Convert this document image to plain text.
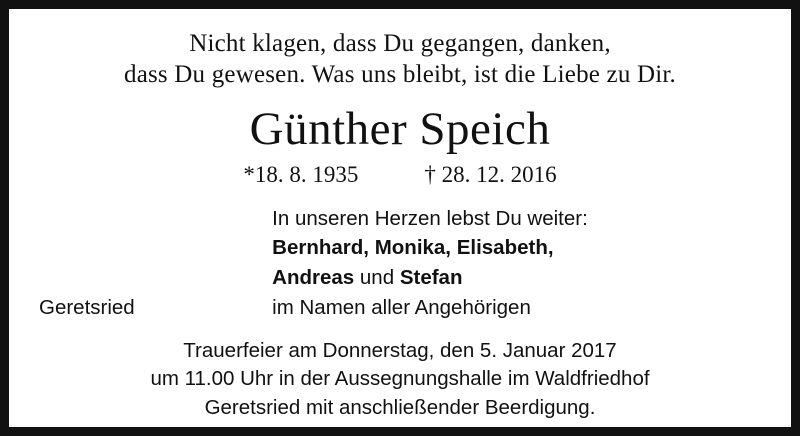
Nicht klagen, dass Du gegangen, danken,
dass Du gewesen. Was uns bleibt, ist die Liebe zu Dir.
Günther Speich
*18. 8. 1935	† 28. 12. 2016
Geretsried
In unseren Herzen lebst Du weiter:
Bernhard, Monika, Elisabeth,
Andreas und Stefan
im Namen aller Angehörigen
Trauerfeier am Donnerstag, den 5. Januar 2017
um 11.00 Uhr in der Aussegnungshalle im Waldfriedhof
Geretsried mit anschließender Beerdigung.
